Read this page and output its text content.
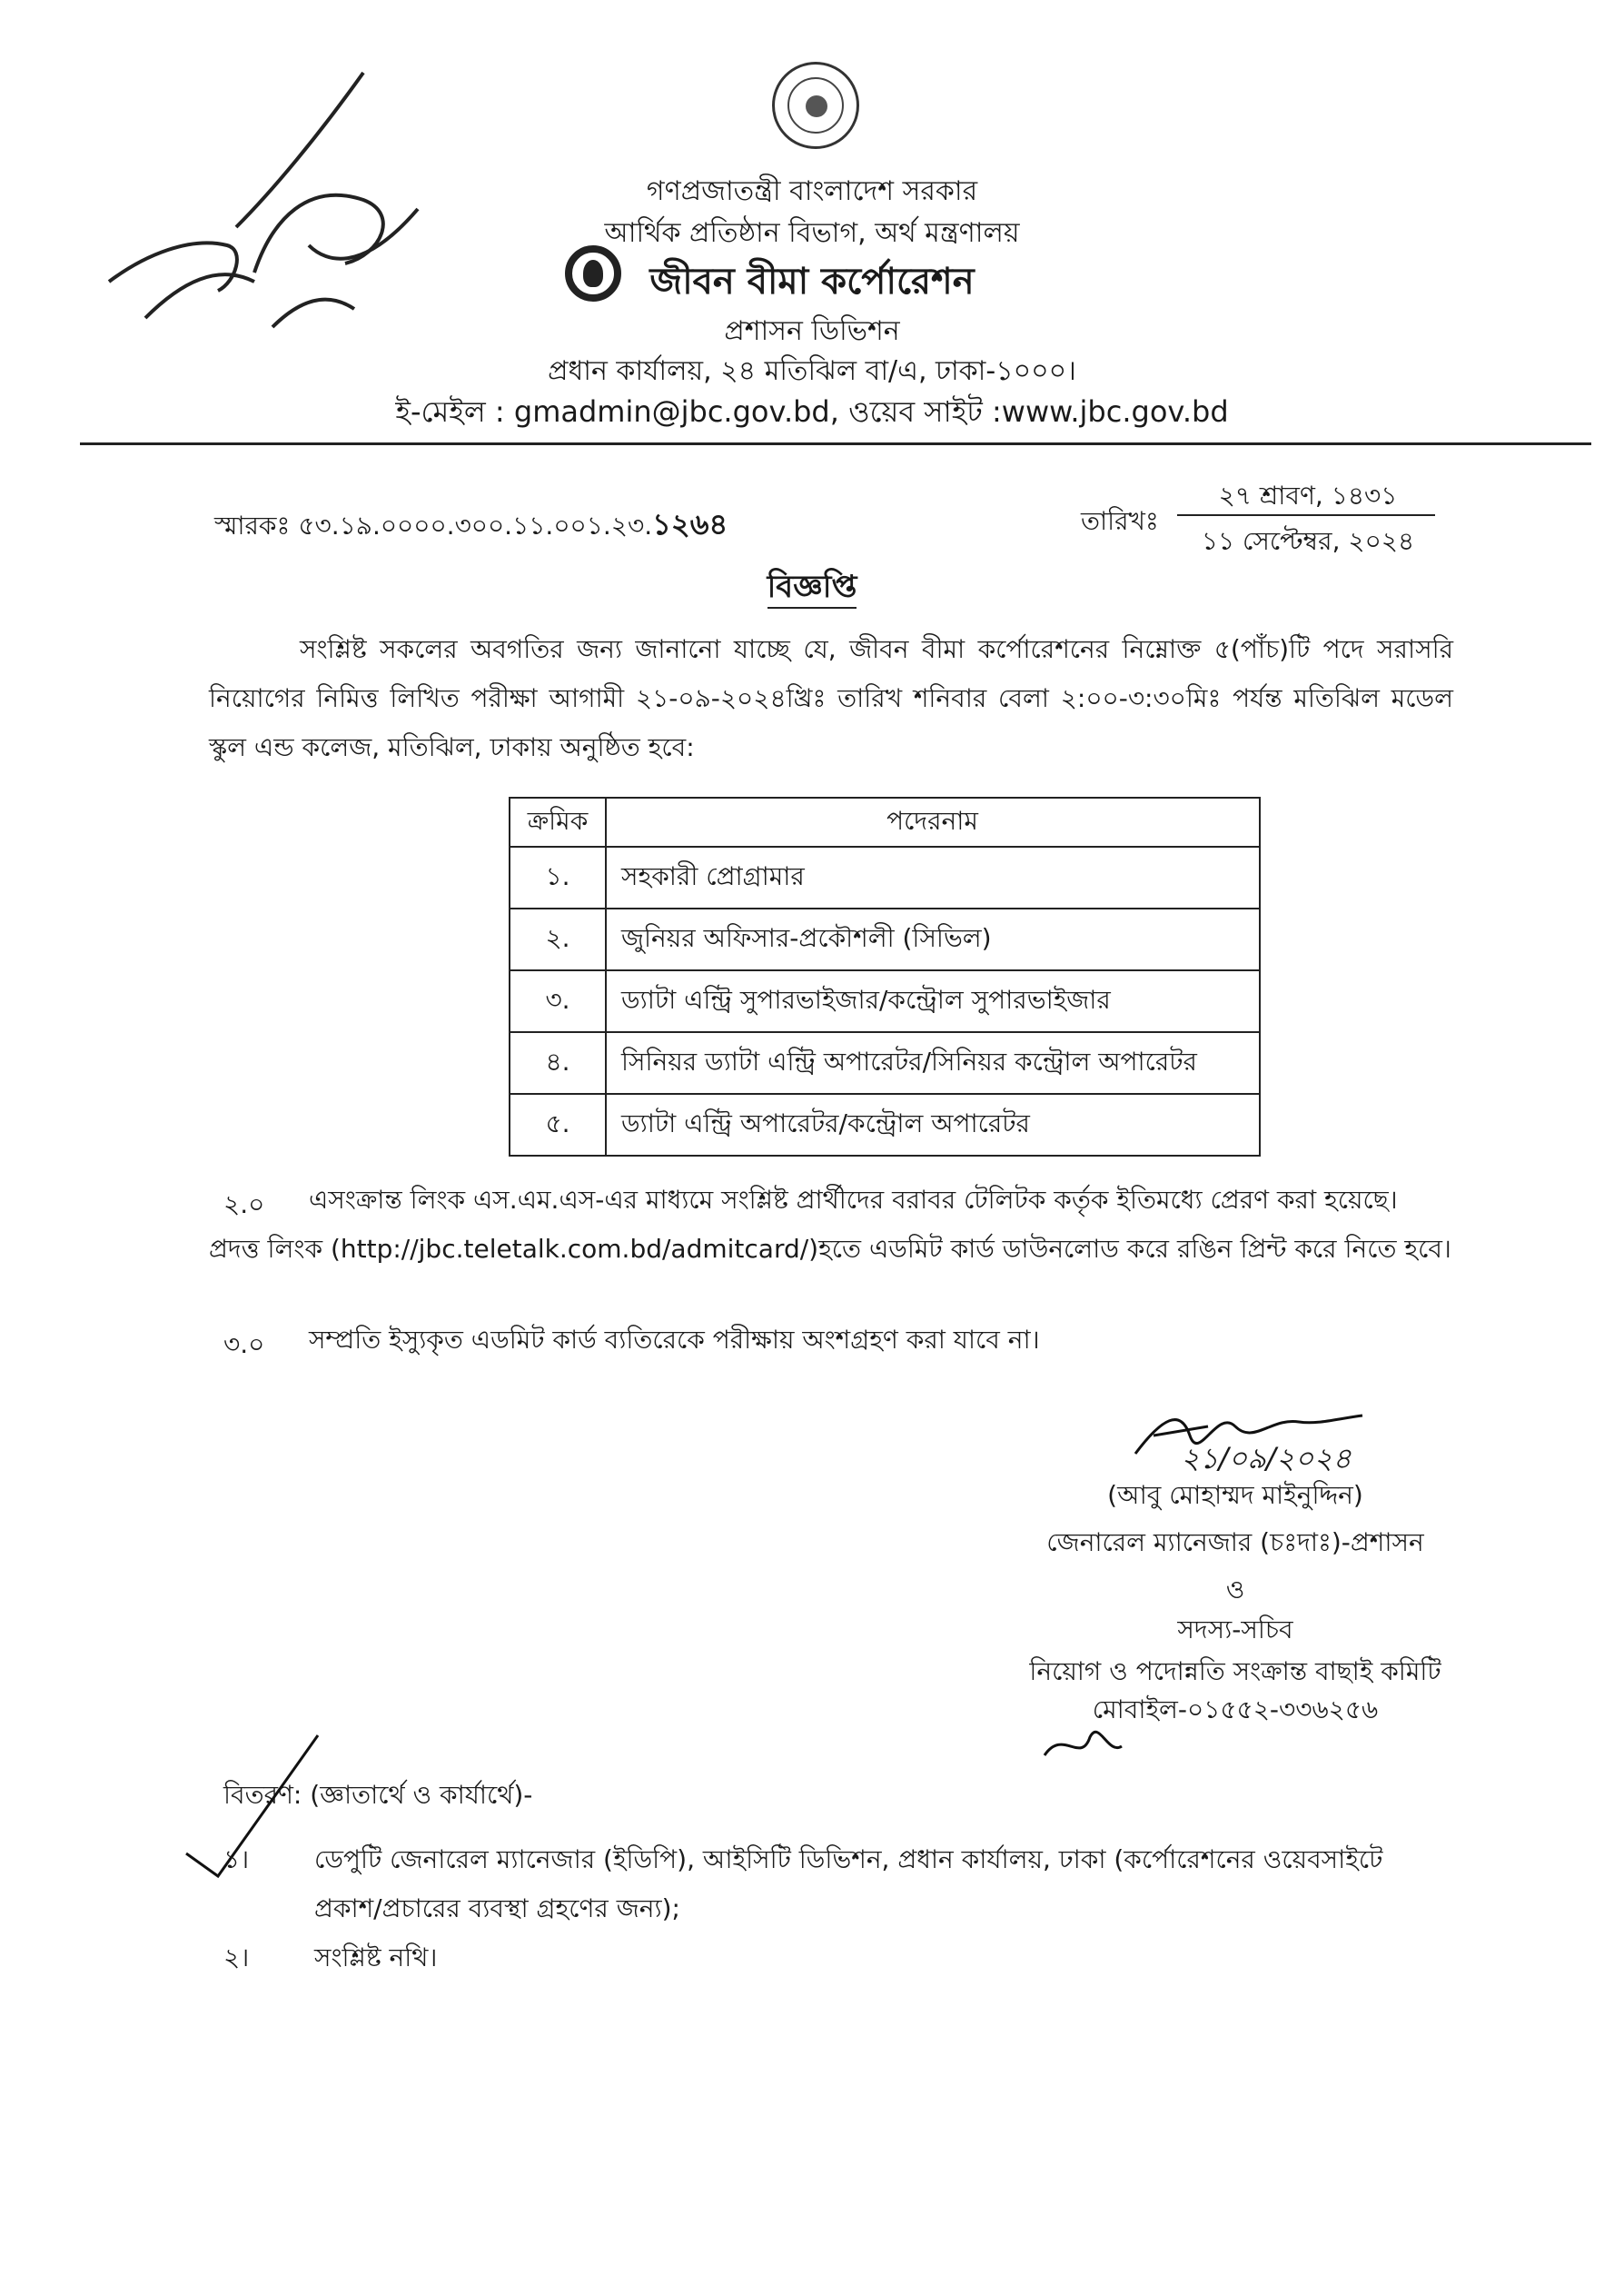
গণপ্রজাতন্ত্রী বাংলাদেশ সরকার
আর্থিক প্রতিষ্ঠান বিভাগ, অর্থ মন্ত্রণালয়
জীবন বীমা কর্পোরেশন
প্রশাসন ডিভিশন
প্রধান কার্যালয়, ২৪ মতিঝিল বা/এ, ঢাকা-১০০০।
ই-মেইল : gmadmin@jbc.gov.bd, ওয়েব সাইট :www.jbc.gov.bd
স্মারকঃ ৫৩.১৯.০০০০.৩০০.১১.০০১.২৩.১২৬৪	তারিখঃ
২৭ শ্রাবণ, ১৪৩১
১১ সেপ্টেম্বর, ২০২৪
বিজ্ঞপ্তি
সংশ্লিষ্ট সকলের অবগতির জন্য জানানো যাচ্ছে যে, জীবন বীমা কর্পোরেশনের নিম্নোক্ত ৫(পাঁচ)টি পদে সরাসরি নিয়োগের নিমিত্ত লিখিত পরীক্ষা আগামী ২১-০৯-২০২৪খ্রিঃ তারিখ শনিবার বেলা ২:০০-৩:৩০মিঃ পর্যন্ত মতিঝিল মডেল স্কুল এন্ড কলেজ, মতিঝিল, ঢাকায় অনুষ্ঠিত হবে:
ক্রমিক	পদেরনাম
১.	সহকারী প্রোগ্রামার
২.	জুনিয়র অফিসার-প্রকৌশলী (সিভিল)
৩.	ড্যাটা এন্ট্রি সুপারভাইজার/কন্ট্রোল সুপারভাইজার
৪.	সিনিয়র ড্যাটা এন্ট্রি অপারেটর/সিনিয়র কন্ট্রোল অপারেটর
৫.	ড্যাটা এন্ট্রি অপারেটর/কন্ট্রোল অপারেটর
২.০ এসংক্রান্ত লিংক এস.এম.এস-এর মাধ্যমে সংশ্লিষ্ট প্রার্থীদের বরাবর টেলিটক কর্তৃক ইতিমধ্যে প্রেরণ করা হয়েছে।
প্রদত্ত লিংক (http://jbc.teletalk.com.bd/admitcard/)হতে এডমিট কার্ড ডাউনলোড করে রঙিন প্রিন্ট করে নিতে হবে।
৩.০ সম্প্রতি ইস্যুকৃত এডমিট কার্ড ব্যতিরেকে পরীক্ষায় অংশগ্রহণ করা যাবে না।
২১/০৯/২০২৪
(আবু মোহাম্মদ মাইনুদ্দিন)
জেনারেল ম্যানেজার (চঃদাঃ)-প্রশাসন
ও
সদস্য-সচিব
নিয়োগ ও পদোন্নতি সংক্রান্ত বাছাই কমিটি
মোবাইল-০১৫৫২-৩৩৬২৫৬
বিতরণ: (জ্ঞাতার্থে ও কার্যার্থে)-
১।	ডেপুটি জেনারেল ম্যানেজার (ইডিপি), আইসিটি ডিভিশন, প্রধান কার্যালয়, ঢাকা (কর্পোরেশনের ওয়েবসাইটে
প্রকাশ/প্রচারের ব্যবস্থা গ্রহণের জন্য);
২।	সংশ্লিষ্ট নথি।
